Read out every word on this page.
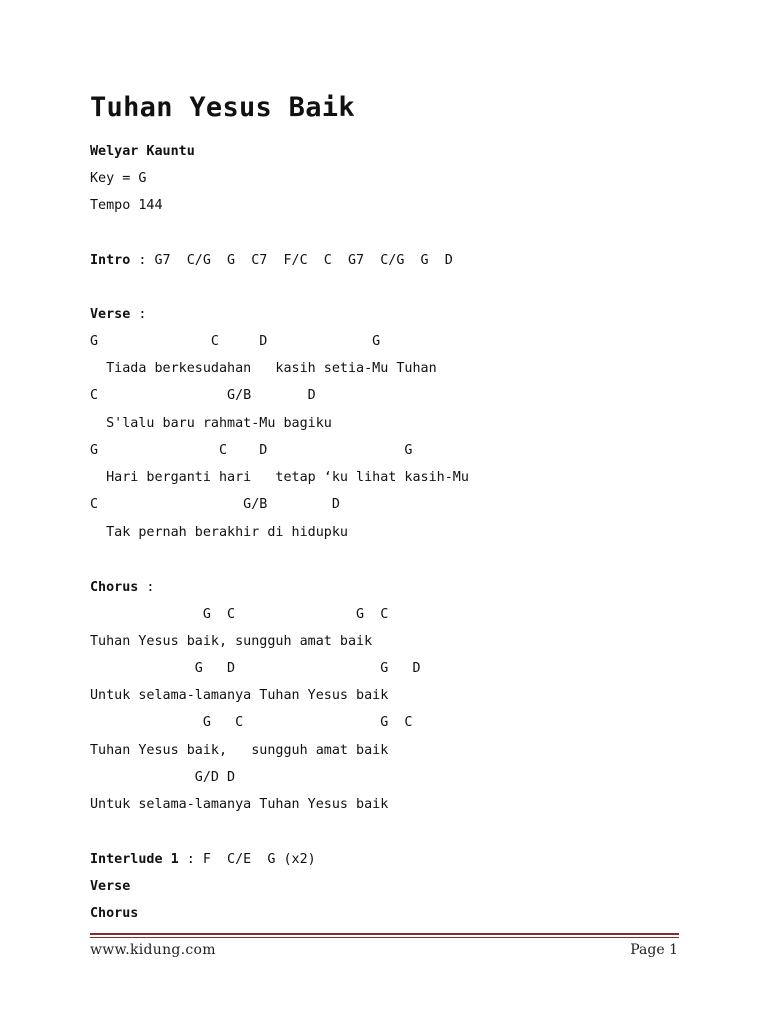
Tuhan Yesus Baik
Welyar Kauntu
Key = G
Tempo 144
Intro : G7  C/G  G  C7  F/C  C  G7  C/G  G  D
Verse :
G              C     D             G
Tiada berkesudahan   kasih setia-Mu Tuhan
C                G/B       D
S'lalu baru rahmat-Mu bagiku
G               C    D                 G
Hari berganti hari   tetap ‘ku lihat kasih-Mu
C                  G/B        D
Tak pernah berakhir di hidupku
Chorus :
G  C               G  C
Tuhan Yesus baik, sungguh amat baik
G   D                  G   D
Untuk selama-lamanya Tuhan Yesus baik
G   C                 G  C
Tuhan Yesus baik,   sungguh amat baik
G/D D
Untuk selama-lamanya Tuhan Yesus baik
Interlude 1 : F  C/E  G (x2)
Verse
Chorus
www.kidung.com	Page 1
